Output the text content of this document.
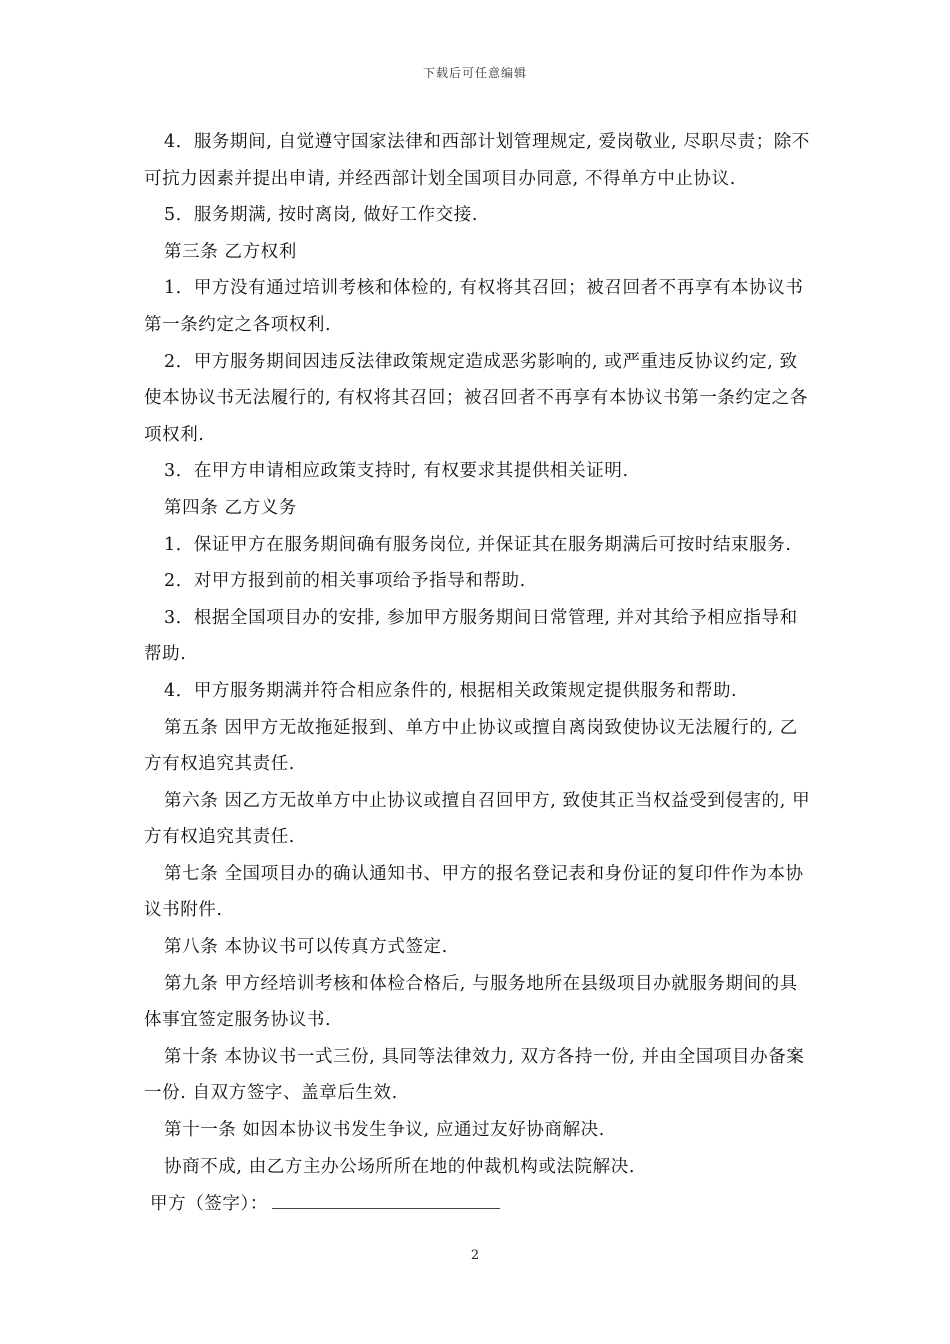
下载后可任意编辑

4．服务期间, 自觉遵守国家法律和西部计划管理规定, 爱岗敬业, 尽职尽责；除不可抗力因素并提出申请, 并经西部计划全国项目办同意, 不得单方中止协议.

5．服务期满, 按时离岗, 做好工作交接.

第三条 乙方权利

1．甲方没有通过培训考核和体检的, 有权将其召回；被召回者不再享有本协议书第一条约定之各项权利.

2．甲方服务期间因违反法律政策规定造成恶劣影响的, 或严重违反协议约定, 致使本协议书无法履行的, 有权将其召回；被召回者不再享有本协议书第一条约定之各项权利.

3．在甲方申请相应政策支持时, 有权要求其提供相关证明.

第四条 乙方义务

1．保证甲方在服务期间确有服务岗位, 并保证其在服务期满后可按时结束服务.

2．对甲方报到前的相关事项给予指导和帮助.

3．根据全国项目办的安排, 参加甲方服务期间日常管理, 并对其给予相应指导和帮助.

4．甲方服务期满并符合相应条件的, 根据相关政策规定提供服务和帮助.

第五条 因甲方无故拖延报到、单方中止协议或擅自离岗致使协议无法履行的, 乙方有权追究其责任.

第六条 因乙方无故单方中止协议或擅自召回甲方, 致使其正当权益受到侵害的, 甲方有权追究其责任.

第七条 全国项目办的确认通知书、甲方的报名登记表和身份证的复印件作为本协议书附件.

第八条 本协议书可以传真方式签定.

第九条 甲方经培训考核和体检合格后, 与服务地所在县级项目办就服务期间的具体事宜签定服务协议书.

第十条 本协议书一式三份, 具同等法律效力, 双方各持一份, 并由全国项目办备案一份. 自双方签字、盖章后生效.

第十一条 如因本协议书发生争议, 应通过友好协商解决.

协商不成, 由乙方主办公场所所在地的仲裁机构或法院解决.

甲方（签字）：
2
